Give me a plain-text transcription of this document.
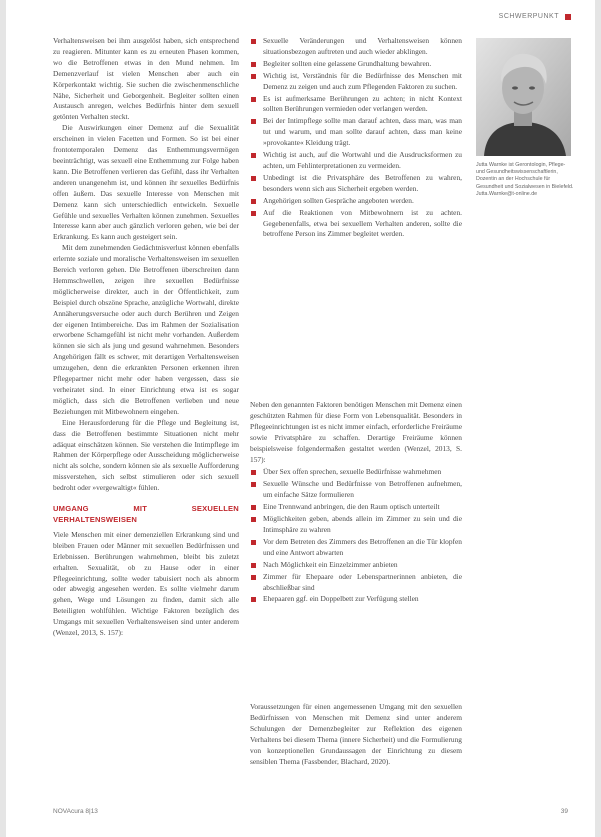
SCHWERPUNKT

Verhaltensweisen bei ihm ausgelöst haben, sich entsprechend zu reagieren. Mitunter kann es zu erneuten Phasen kommen, wo die Betroffenen etwas in den Mund nehmen. Im Demenzverlauf ist vielen Menschen aber auch ein Körperkontakt wichtig. Sie suchen die zwischenmenschliche Nähe, Sicherheit und Geborgenheit. Begleiter sollten einen Austausch anregen, welches Bedürfnis hinter dem sexuell getönten Verhalten steckt.

Die Auswirkungen einer Demenz auf die Sexualität erscheinen in vielen Facetten und Formen. So ist bei einer frontotemporalen Demenz das Enthemmungsvermögen beeinträchtigt, was sexuell eine Enthemmung zur Folge haben kann. Die Betroffenen verlieren das Gefühl, dass ihr Verhalten anderen unangenehm ist, und können ihr sexuelles Bedürfnis offen äußern. Das sexuelle Interesse von Menschen mit Demenz kann sich unterschiedlich entwickeln. Sexuelle Gefühle und sexuelles Verhalten können zunehmen. Sexuelles Interesse kann aber auch gänzlich verloren gehen, wie bei der Erkrankung. Es kann auch gesteigert sein.

Mit dem zunehmenden Gedächtnisverlust können ebenfalls erlernte soziale und moralische Verhaltensweisen im sexuellen Bereich verloren gehen. Die Betroffenen überschreiten dann Hemmschwellen, zeigen ihre sexuellen Bedürfnisse möglicherweise direkter, auch in der Öffentlichkeit, zum Beispiel durch obszöne Sprache, anzügliche Wortwahl, direkte Annäherungsversuche oder auch durch Berühren und Zeigen der eigenen Intimbereiche. Das im Rahmen der Sozialisation erworbene Schamgefühl ist nicht mehr vorhanden. Außerdem können sie sich als jung und gesund wahrnehmen. Besonders Angehörigen fällt es schwer, mit derartigen Verhaltensweisen umzugehen, denn die erkrankten Personen erkennen ihren Pflegepartner nicht mehr oder haben vergessen, dass sie verheiratet sind. In einer Einrichtung etwa ist es sogar möglich, dass sich die Betroffenen verlieben und neue Beziehungen mit Mitbewohnern eingehen.

Eine Herausforderung für die Pflege und Begleitung ist, dass die Betroffenen bestimmte Situationen nicht mehr adäquat einschätzen können. Sie verstehen die Intimpflege im Rahmen der Körperpflege oder Ausscheidung möglicherweise nicht als solche, sondern können sie als sexuelle Aufforderung missverstehen, sich selbst stimulieren oder sich sexuell bedroht oder »vergewaltigt« fühlen.

UMGANG MIT SEXUELLEN VERHALTENSWEISEN

Viele Menschen mit einer demenziellen Erkrankung sind und bleiben Frauen oder Männer mit sexuellen Bedürfnissen und Erlebnissen. Berührungen wahrnehmen, bleibt bis zuletzt erhalten. Sexualität, ob zu Hause oder in einer Pflegeeinrichtung, sollte weder tabuisiert noch als abnorm oder abwegig angesehen werden. Es sollte vielmehr darum gehen, Wege und Lösungen zu finden, damit sich alle Beteiligten wohlfühlen. Wichtige Faktoren bezüglich des Umgangs mit sexuellen Verhaltensweisen sind unter anderem (Wenzel, 2013, S. 157):

Sexuelle Veränderungen und Verhaltensweisen können situationsbezogen auftreten und auch wieder abklingen.
Begleiter sollten eine gelassene Grundhaltung bewahren.
Wichtig ist, Verständnis für die Bedürfnisse des Menschen mit Demenz zu zeigen und auch zum Pflegenden Faktoren zu suchen.
Es ist aufmerksame Berührungen zu achten; in nicht Kontext sollten Berührungen vermieden oder verlangen werden.
Bei der Intimpflege sollte man darauf achten, dass man, was man tut und warum, und man sollte darauf achten, dass man keine »provokante« Kleidung trägt.
Wichtig ist auch, auf die Wortwahl und die Ausdrucksformen zu achten, um Fehlinterpretationen zu vermeiden.
Unbedingt ist die Privatsphäre des Betroffenen zu wahren, besonders wenn sich aus Sicherheit ergeben werden.
Angehörigen sollten Gespräche angeboten werden.
Auf die Reaktionen von Mitbewohnern ist zu achten. Gegebenenfalls, etwa bei sexuellem Verhalten anderen, sollte die betroffene Person ins Zimmer begleitet werden.

Neben den genannten Faktoren benötigen Menschen mit Demenz einen geschützten Rahmen für diese Form von Lebensqualität. Besonders in Pflegeeinrichtungen ist es nicht immer einfach, erforderliche Freiräume sowie Privatsphäre zu schaffen. Derartige Freiräume können beispielsweise folgendermaßen gestaltet werden (Wenzel, 2013, S. 157):

Über Sex offen sprechen, sexuelle Bedürfnisse wahrnehmen
Sexuelle Wünsche und Bedürfnisse von Betroffenen aufnehmen, um einfache Sätze formulieren
Eine Trennwand anbringen, die den Raum optisch unterteilt
Möglichkeiten geben, abends allein im Zimmer zu sein und die Intimsphäre zu wahren
Vor dem Betreten des Zimmers des Betroffenen an die Tür klopfen und eine Antwort abwarten
Nach Möglichkeit ein Einzelzimmer anbieten
Zimmer für Ehepaare oder Lebenspartnerinnen anbieten, die abschließbar sind
Ehepaaren ggf. ein Doppelbett zur Verfügung stellen

Voraussetzungen für einen angemessenen Umgang mit den sexuellen Bedürfnissen von Menschen mit Demenz sind unter anderem Schulungen der Demenzbegleiter zur Reflektion des eigenen Verhaltens bei diesem Thema (innere Sicherheit) und die Formulierung von konzeptionellen Grundaussagen der Einrichtung zu diesem sensiblen Thema (Fassbender, Blachard, 2020).

Jutta Warnke ist Gerontologin, Pflege- und Gesundheitswissenschaftlerin, Dozentin an der Hochschule für Gesundheit und Sozialwesen in Bielefeld. Jutta.Warnke@t-online.de
NOVAcura 8|13	39
